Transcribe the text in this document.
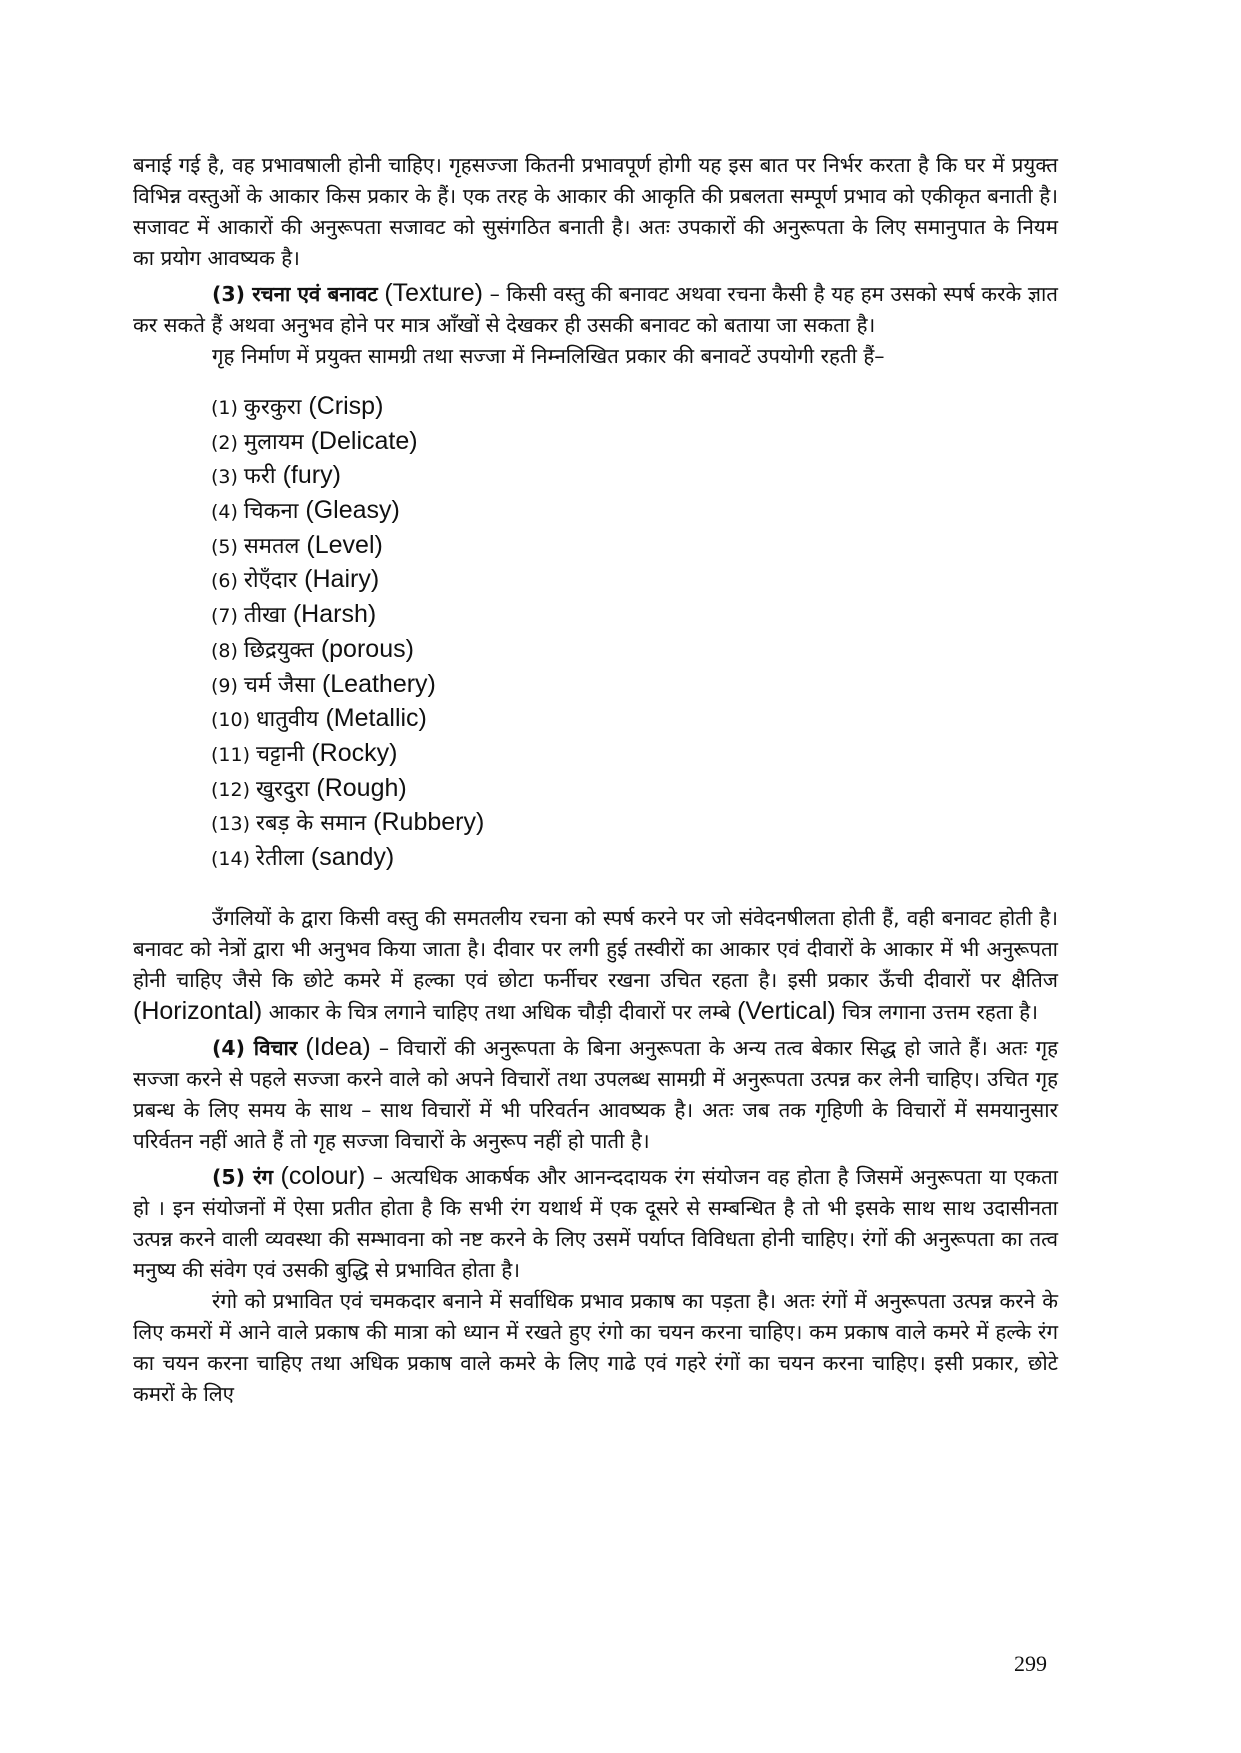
बनाई गई है, वह प्रभावषाली होनी चाहिए। गृहसज्जा कितनी प्रभावपूर्ण होगी यह इस बात पर निर्भर करता है कि घर में प्रयुक्त विभिन्न वस्तुओं के आकार किस प्रकार के हैं। एक तरह के आकार की आकृति की प्रबलता सम्पूर्ण प्रभाव को एकीकृत बनाती है। सजावट में आकारों की अनुरूपता सजावट को सुसंगठित बनाती है। अतः उपकारों की अनुरूपता के लिए समानुपात के नियम का प्रयोग आवष्यक है।

(3) रचना एवं बनावट (Texture) – किसी वस्तु की बनावट अथवा रचना कैसी है यह हम उसको स्पर्ष करके ज्ञात कर सकते हैं अथवा अनुभव होने पर मात्र आँखों से देखकर ही उसकी बनावट को बताया जा सकता है।

गृह निर्माण में प्रयुक्त सामग्री तथा सज्जा में निम्नलिखित प्रकार की बनावटें उपयोगी रहती हैं–

(1) कुरकुरा (Crisp)
(2) मुलायम (Delicate)
(3) फरी (fury)
(4) चिकना (Gleasy)
(5) समतल (Level)
(6) रोएँदार (Hairy)
(7) तीखा (Harsh)
(8) छिद्रयुक्त (porous)
(9) चर्म जैसा (Leathery)
(10) धातुवीय (Metallic)
(11) चट्टानी (Rocky)
(12) खुरदुरा (Rough)
(13) रबड़ के समान (Rubbery)
(14) रेतीला (sandy)

उँगलियों के द्वारा किसी वस्तु की समतलीय रचना को स्पर्ष करने पर जो संवेदनषीलता होती हैं, वही बनावट होती है। बनावट को नेत्रों द्वारा भी अनुभव किया जाता है। दीवार पर लगी हुई तस्वीरों का आकार एवं दीवारों के आकार में भी अनुरूपता होनी चाहिए जैसे कि छोटे कमरे में हल्का एवं छोटा फर्नीचर रखना उचित रहता है। इसी प्रकार ऊँची दीवारों पर क्षैतिज (Horizontal) आकार के चित्र लगाने चाहिए तथा अधिक चौड़ी दीवारों पर लम्बे (Vertical) चित्र लगाना उत्तम रहता है।

(4) विचार (Idea) – विचारों की अनुरूपता के बिना अनुरूपता के अन्य तत्व बेकार सिद्ध हो जाते हैं। अतः गृह सज्जा करने से पहले सज्जा करने वाले को अपने विचारों तथा उपलब्ध सामग्री में अनुरूपता उत्पन्न कर लेनी चाहिए। उचित गृह प्रबन्ध के लिए समय के साथ – साथ विचारों में भी परिवर्तन आवष्यक है। अतः जब तक गृहिणी के विचारों में समयानुसार परिर्वतन नहीं आते हैं तो गृह सज्जा विचारों के अनुरूप नहीं हो पाती है।

(5) रंग (colour) – अत्यधिक आकर्षक और आनन्ददायक रंग संयोजन वह होता है जिसमें अनुरूपता या एकता हो । इन संयोजनों में ऐसा प्रतीत होता है कि सभी रंग यथार्थ में एक दूसरे से सम्बन्धित है तो भी इसके साथ साथ उदासीनता उत्पन्न करने वाली व्यवस्था की सम्भावना को नष्ट करने के लिए उसमें पर्याप्त विविधता होनी चाहिए। रंगों की अनुरूपता का तत्व मनुष्य की संवेग एवं उसकी बुद्धि से प्रभावित होता है।

रंगो को प्रभावित एवं चमकदार बनाने में सर्वाधिक प्रभाव प्रकाष का पड़ता है। अतः रंगों में अनुरूपता उत्पन्न करने के लिए कमरों में आने वाले प्रकाष की मात्रा को ध्यान में रखते हुए रंगो का चयन करना चाहिए। कम प्रकाष वाले कमरे में हल्के रंग का चयन करना चाहिए तथा अधिक प्रकाष वाले कमरे के लिए गाढे एवं गहरे रंगों का चयन करना चाहिए। इसी प्रकार, छोटे कमरों के लिए

299
